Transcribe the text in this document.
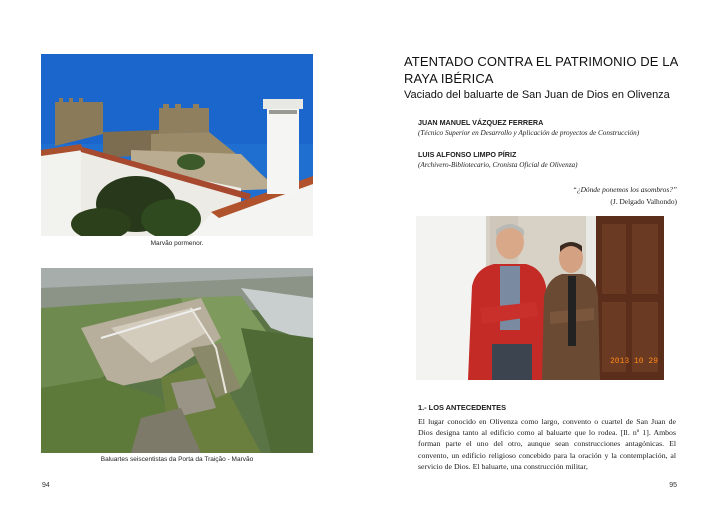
Marvão pormenor.
Baluartes seiscentistas da Porta da Traição - Marvão
94
ATENTADO CONTRA EL PATRIMONIO DE LA RAYA IBÉRICA
Vaciado del baluarte de San Juan de Dios en Olivenza
JUAN MANUEL VÁZQUEZ FERRERA
(Técnico Superior en Desarrollo y Aplicación de proyectos de Construcción)
LUIS ALFONSO LIMPO PÍRIZ
(Archivero-Bibliotecario, Cronista Oficial de Olivenza)
“¿Dónde ponemos los asombros?”
(J. Delgado Valhondo)
2013 10 29
1.- LOS ANTECEDENTES
El lugar conocido en Olivenza como largo, convento o cuartel de San Juan de Dios designa tanto al edificio como al baluarte que lo rodea. [Il. nº 1]. Ambos forman parte el uno del otro, aunque sean construcciones antagónicas. El convento, un edificio religioso concebido para la oración y la contemplación, al servicio de Dios. El baluarte, una construcción militar,
95
